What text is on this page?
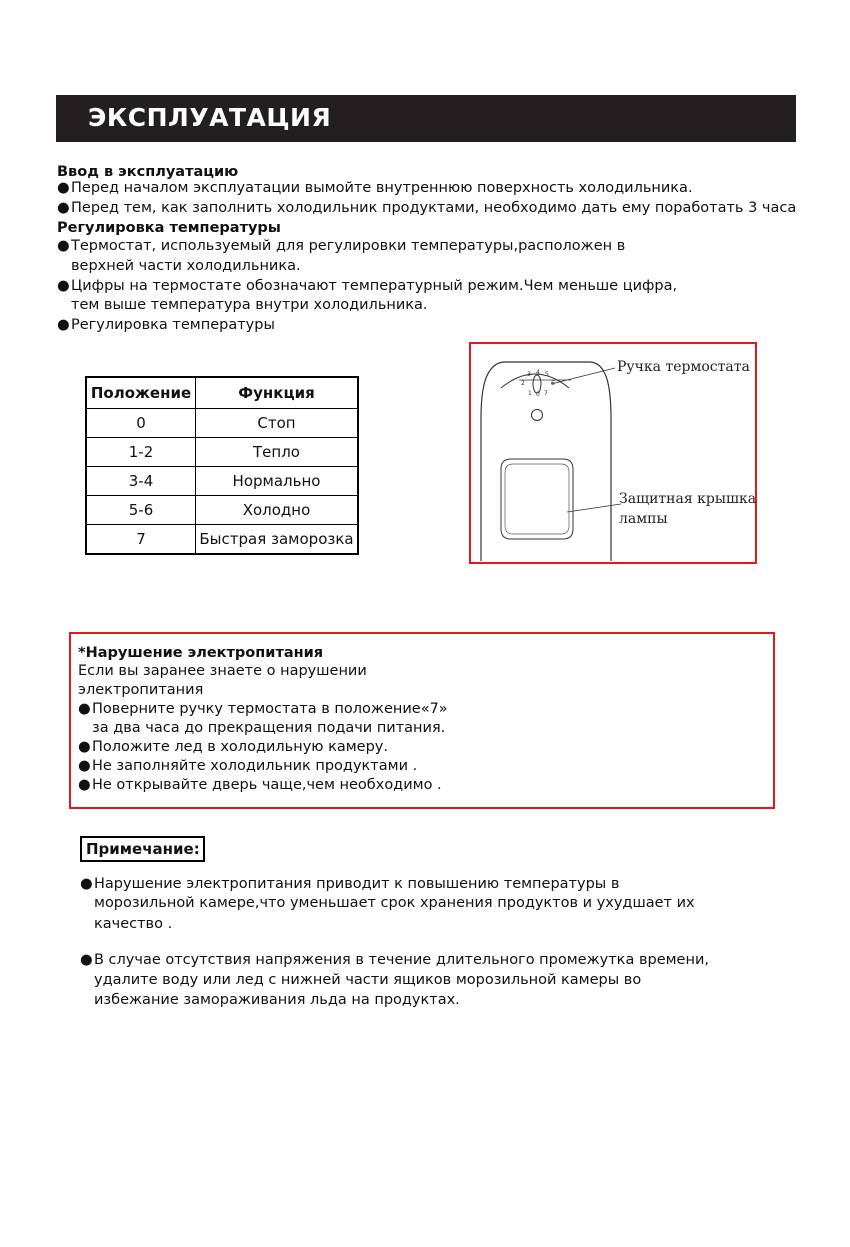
ЭКСПЛУАТАЦИЯ
Ввод в эксплуатацию
●Перед началом эксплуатации вымойте внутреннюю поверхность холодильника.
●Перед тем, как заполнить холодильник продуктами, необходимо дать ему поработать 3 часа
Регулировка температуры
●Термостат, используемый для регулировки температуры,расположен в
верхней части холодильника.
●Цифры на термостате обозначают температурный режим.Чем меньше цифра,
тем выше температура внутри холодильника.
●Регулировка температуры
Положение	Функция
0	Стоп
1-2	Тепло
3-4	Нормально
5-6	Холодно
7	Быстрая заморозка
3 4 5
2
1 0 7
Ручка термостата
Защитная крышка
лампы
*Нарушение электропитания
Если вы заранее знаете о нарушении
электропитания
●Поверните ручку термостата в положение«7»
за два часа до прекращения подачи питания.
●Положите лед в холодильную камеру.
●Не заполняйте холодильник продуктами .
●Не открывайте дверь чаще,чем необходимо .
Примечание:
●Нарушение электропитания приводит к повышению температуры в
морозильной камере,что уменьшает срок хранения продуктов и ухудшает их
качество .
●В случае отсутствия напряжения в течение длительного промежутка времени,
удалите воду или лед с нижней части ящиков морозильной камеры во
избежание замораживания льда на продуктах.
